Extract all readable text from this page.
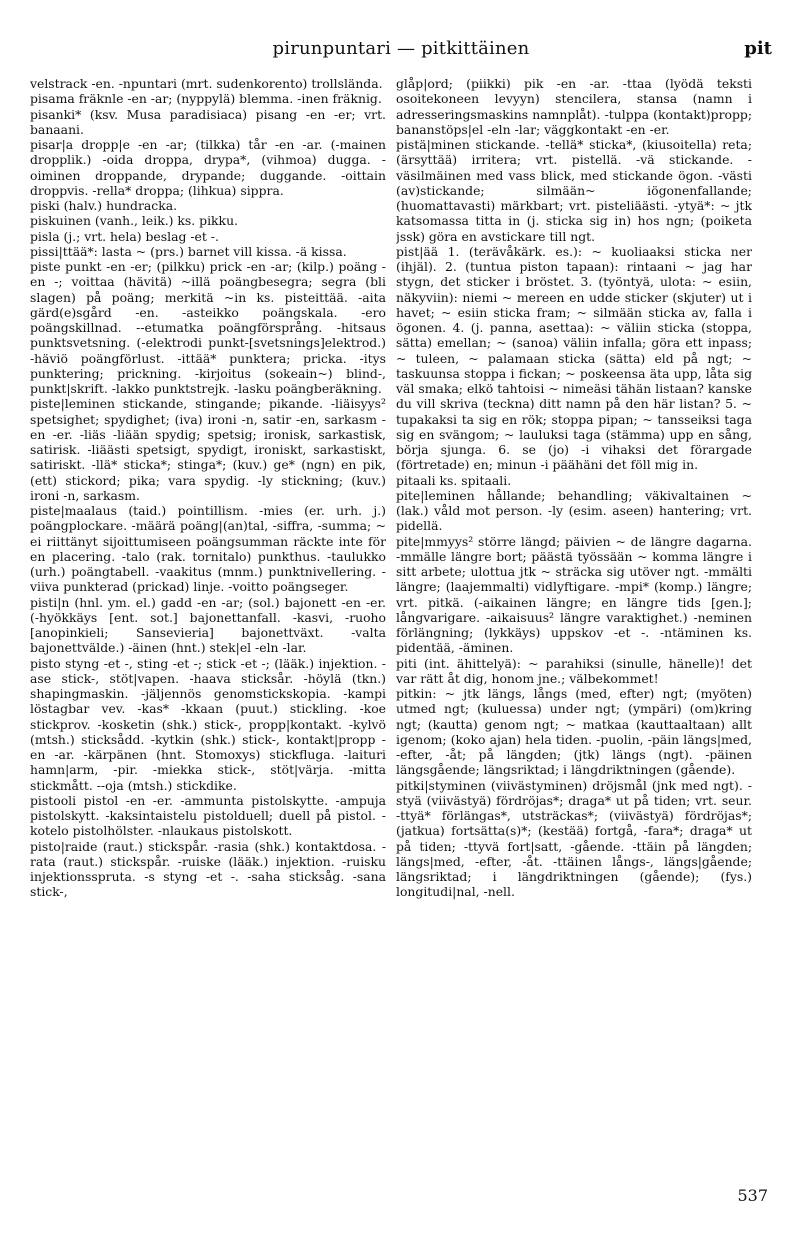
pirunpuntari — pitkittäinen	pit

velstrack -en. -npuntari (mrt. sudenkorento) trollslända.

pisama fräknle -en -ar; (nyppylä) blemma. -inen fräknig.

pisanki* (ksv. Musa paradisiaca) pisang -en -er; vrt. banaani.

pisar|a dropp|e -en -ar; (tilkka) tår -en -ar. (-mainen dropplik.) -oida droppa, drypa*, (vihmoa) dugga. -oiminen droppande, drypande; duggande. -oittain droppvis. -rella* droppa; (lihkua) sippra.

piski (halv.) hundracka.

piskuinen (vanh., leik.) ks. pikku.

pisla (j.; vrt. hela) beslag -et -.

pissi|ttää*: lasta ~ (prs.) barnet vill kissa. -ä kissa.

piste punkt -en -er; (pilkku) prick -en -ar; (kilp.) poäng -en -; voittaa (hävitä) ~illä poängbesegra; segra (bli slagen) på poäng; merkitä ~in ks. pisteittää. -aita gärd(e)sgård -en. -asteikko poängskala. -ero poängskillnad. --etumatka poängförsprång. -hitsaus punktsvetsning. (-elektrodi punkt-[svetsnings]elektrod.) -häviö poängförlust. -ittää* punktera; pricka. -itys punktering; prickning. -kirjoitus (sokeain~) blind-, punkt|skrift. -lakko punktstrejk. -lasku poängberäkning.

piste|leminen stickande, stingande; pikande. -liäisyys² spetsighet; spydighet; (iva) ironi -n, satir -en, sarkasm -en -er. -liäs -liään spydig; spetsig; ironisk, sarkastisk, satirisk. -liäästi spetsigt, spydigt, ironiskt, sarkastiskt, satiriskt. -llä* sticka*; stinga*; (kuv.) ge* (ngn) en pik, (ett) stickord; pika; vara spydig. -ly stickning; (kuv.) ironi -n, sarkasm.

piste|maalaus (taid.) pointillism. -mies (er. urh. j.) poängplockare. -määrä poäng|(an)tal, -siffra, -summa; ~ ei riittänyt sijoittumiseen poängsumman räckte inte för en placering. -talo (rak. tornitalo) punkthus. -taulukko (urh.) poängtabell. -vaakitus (mnm.) punktnivellering. -viiva punkterad (prickad) linje. -voitto poängseger.

pisti|n (hnl. ym. el.) gadd -en -ar; (sol.) bajonett -en -er. (-hyökkäys [ent. sot.] bajonettanfall. -kasvi, -ruoho [anopinkieli; Sansevieria] bajonettväxt. -valta bajonettvälde.) -äinen (hnt.) stek|el -eln -lar.

pisto styng -et -, sting -et -; stick -et -; (lääk.) injektion. -ase stick-, stöt|vapen. -haava sticksår. -höylä (tkn.) shapingmaskin. -jäljennös genomstickskopia. -kampi löstagbar vev. -kas* -kkaan (puut.) stickling. -koe stickprov. -kosketin (shk.) stick-, propp|kontakt. -kylvö (mtsh.) sticksådd. -kytkin (shk.) stick-, kontakt|propp -en -ar. -kärpänen (hnt. Stomoxys) stickfluga. -laituri hamn|arm, -pir. -miekka stick-, stöt|värja. -mitta stickmått. --oja (mtsh.) stickdike.

pistooli pistol -en -er. -ammunta pistolskytte. -ampuja pistolskytt. -kaksintaistelu pistolduell; duell på pistol. -kotelo pistolhölster. -nlaukaus pistolskott.

pisto|raide (raut.) stickspår. -rasia (shk.) kontaktdosa. -rata (raut.) stickspår. -ruiske (lääk.) injektion. -ruisku injektionsspruta. -s styng -et -. -saha sticksåg. -sana stick-,

glåp|ord; (piikki) pik -en -ar. -ttaa (lyödä teksti osoitekoneen levyyn) stencilera, stansa (namn i adresseringsmaskins namnplåt). -tulppa (kontakt)propp; bananstöps|el -eln -lar; väggkontakt -en -er.

pistä|minen stickande. -tellä* sticka*, (kiusoitella) reta; (ärsyttää) irritera; vrt. pistellä. -vä stickande. -väsilmäinen med vass blick, med stickande ögon. -västi (av)stickande; silmään~ iögonenfallande; (huomattavasti) märkbart; vrt. pisteliäästi. -ytyä*: ~ jtk katsomassa titta in (j. sticka sig in) hos ngn; (poiketa jssk) göra en avstickare till ngt.

pist|ää 1. (terävåkärk. es.): ~ kuoliaaksi sticka ner (ihjäl). 2. (tuntua piston tapaan): rintaani ~ jag har stygn, det sticker i bröstet. 3. (työntyä, ulota: ~ esiin, näkyviin): niemi ~ mereen en udde sticker (skjuter) ut i havet; ~ esiin sticka fram; ~ silmään sticka av, falla i ögonen. 4. (j. panna, asettaa): ~ väliin sticka (stoppa, sätta) emellan; ~ (sanoa) väliin infalla; göra ett inpass; ~ tuleen, ~ palamaan sticka (sätta) eld på ngt; ~ taskuunsa stoppa i fickan; ~ poskeensa äta upp, låta sig väl smaka; elkö tahtoisi ~ nimeäsi tähän listaan? kanske du vill skriva (teckna) ditt namn på den här listan? 5. ~ tupakaksi ta sig en rök; stoppa pipan; ~ tansseiksi taga sig en svängom; ~ lauluksi taga (stämma) upp en sång, börja sjunga. 6. se (jo) -i vihaksi det förargade (förtretade) en; minun -i päähäni det föll mig in.

pitaali ks. spitaali.

pite|leminen hållande; behandling; väkivaltainen ~ (lak.) våld mot person. -ly (esim. aseen) hantering; vrt. pidellä.

pite|mmyys² större längd; päivien ~ de längre dagarna. -mmälle längre bort; päästä työssään ~ komma längre i sitt arbete; ulottua jtk ~ sträcka sig utöver ngt. -mmälti längre; (laajemmalti) vidlyftigare. -mpi* (komp.) längre; vrt. pitkä. (-aikainen längre; en längre tids [gen.]; långvarigare. -aikaisuus² längre varaktighet.) -neminen förlängning; (lykkäys) uppskov -et -. -ntäminen ks. pidentää, -äminen.

piti (int. ähittelyä): ~ parahiksi (sinulle, hänelle)! det var rätt åt dig, honom jne.; välbekommet!

pitkin: ~ jtk längs, långs (med, efter) ngt; (myöten) utmed ngt; (kuluessa) under ngt; (ympäri) (om)kring ngt; (kautta) genom ngt; ~ matkaa (kauttaaltaan) allt igenom; (koko ajan) hela tiden. -puolin, -päin längs|med, -efter, -åt; på längden; (jtk) längs (ngt). -päinen längsgående; längsriktad; i längdriktningen (gående).

pitki|styminen (viivästyminen) dröjsmål (jnk med ngt). -styä (viivästyä) fördröjas*; draga* ut på tiden; vrt. seur. -ttyä* förlängas*, utsträckas*; (viivästyä) fördröjas*; (jatkua) fortsätta(s)*; (kestää) fortgå, -fara*; draga* ut på tiden; -ttyvä fort|satt, -gående. -ttäin på längden; längs|med, -efter, -åt. -ttäinen långs-, längs|gående; längsriktad; i längdriktningen (gående); (fys.) longitudi|nal, -nell.

537
